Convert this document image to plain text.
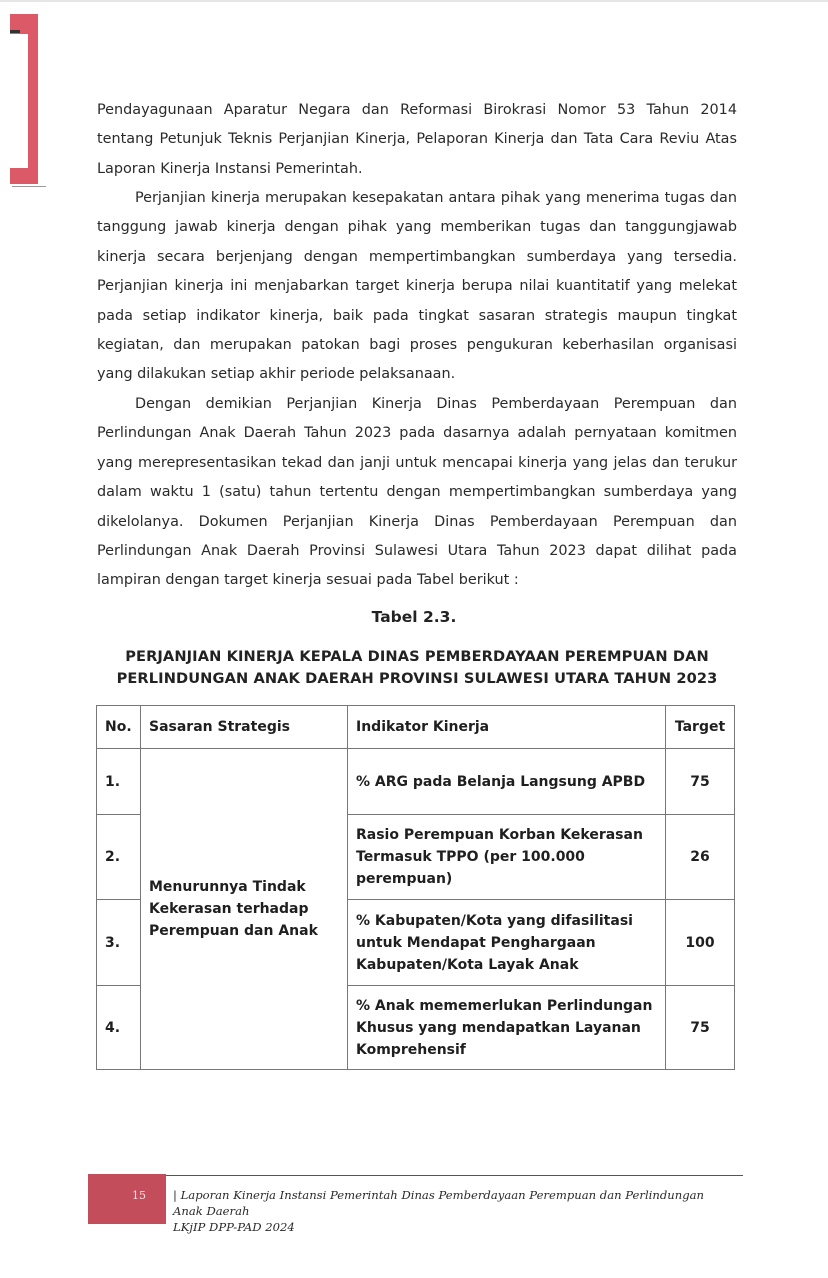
Pendayagunaan Aparatur Negara dan Reformasi Birokrasi Nomor 53 Tahun 2014 tentang Petunjuk Teknis Perjanjian Kinerja, Pelaporan Kinerja dan Tata Cara Reviu Atas Laporan Kinerja Instansi Pemerintah.

Perjanjian kinerja merupakan kesepakatan antara pihak yang menerima tugas dan tanggung jawab kinerja dengan pihak yang memberikan tugas dan tanggungjawab kinerja secara berjenjang dengan mempertimbangkan sumberdaya yang tersedia. Perjanjian kinerja ini menjabarkan target kinerja berupa nilai kuantitatif yang melekat pada setiap indikator kinerja, baik pada tingkat sasaran strategis maupun tingkat kegiatan, dan merupakan patokan bagi proses pengukuran keberhasilan organisasi yang dilakukan setiap akhir periode pelaksanaan.

Dengan demikian Perjanjian Kinerja Dinas Pemberdayaan Perempuan dan Perlindungan Anak Daerah Tahun 2023 pada dasarnya adalah pernyataan komitmen yang merepresentasikan tekad dan janji untuk mencapai kinerja yang jelas dan terukur dalam waktu 1 (satu) tahun tertentu dengan mempertimbangkan sumberdaya yang dikelolanya. Dokumen Perjanjian Kinerja Dinas Pemberdayaan Perempuan dan Perlindungan Anak Daerah Provinsi Sulawesi Utara Tahun 2023 dapat dilihat pada lampiran dengan target kinerja sesuai pada Tabel berikut :

Tabel 2.3.

PERJANJIAN KINERJA KEPALA DINAS PEMBERDAYAAN PEREMPUAN DAN
PERLINDUNGAN ANAK DAERAH PROVINSI SULAWESI UTARA TAHUN 2023
No.	Sasaran Strategis	Indikator Kinerja	Target
1.	Menurunnya Tindak Kekerasan terhadap Perempuan dan Anak	% ARG pada Belanja Langsung APBD	75
2.		Rasio Perempuan Korban Kekerasan Termasuk TPPO (per 100.000 perempuan)	26
3.		% Kabupaten/Kota yang difasilitasi untuk Mendapat Penghargaan Kabupaten/Kota Layak Anak	100
4.		% Anak mememerlukan Perlindungan Khusus yang mendapatkan Layanan Komprehensif	75
15 | Laporan Kinerja Instansi Pemerintah Dinas Pemberdayaan Perempuan dan Perlindungan Anak Daerah
LKjIP DPP-PAD 2024
